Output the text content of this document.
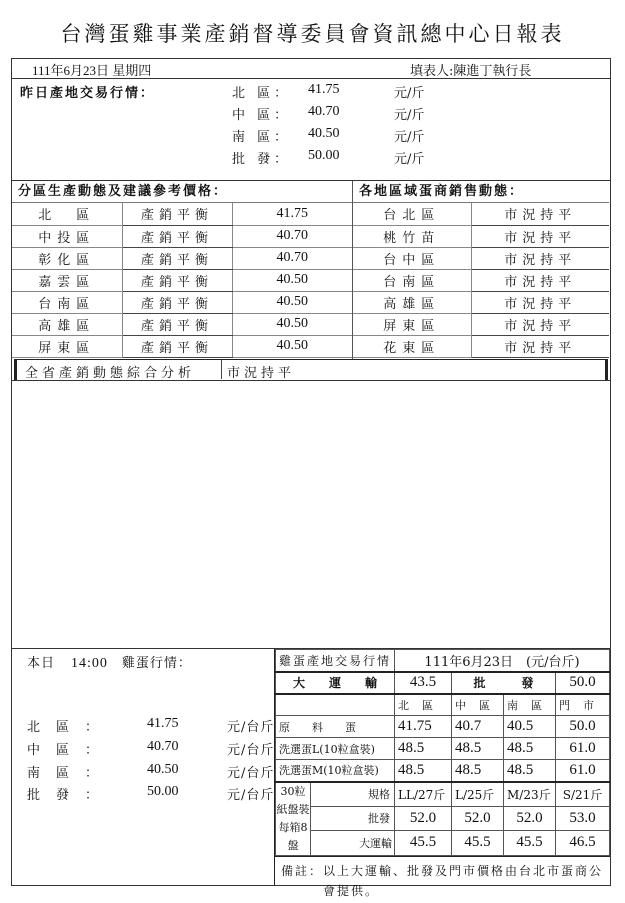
台灣蛋雞事業產銷督導委員會資訊總中心日報表
111年6月23日 星期四	填表人:陳進丁執行長
昨日產地交易行情：	北 區： 41.75	元/斤
中 區： 40.70	元/斤
南 區： 40.50	元/斤
批 發： 50.00	元/斤
分區生產動態及建議參考價格：
北　區	產銷平衡	41.75
中投區	產銷平衡	40.70
彰化區	產銷平衡	40.70
嘉雲區	產銷平衡	40.50
台南區	產銷平衡	40.50
高雄區	產銷平衡	40.50
屏東區	產銷平衡	40.50
各地區域蛋商銷售動態：
台北區	市況持平
桃竹苗	市況持平
台中區	市況持平
台南區	市況持平
高雄區	市況持平
屏東區	市況持平
花東區	市況持平
全省產銷動態綜合分析	市況持平
本日 14:00 雞蛋行情：
北區： 41.75	元/台斤
中區： 40.70	元/台斤
南區： 40.50	元/台斤
批發： 50.00	元/台斤
雞蛋產地交易行情		111年6月23日　(元/台斤)			
大　　運　　輸		43.5	批　　　發		50.0
		北　區	中　區	南　區	門　市
原　　料　　蛋		41.75	40.7	40.5	50.0
洗選蛋L(10粒盒裝)		48.5	48.5	48.5	61.0
洗選蛋M(10粒盒裝)		48.5	48.5	48.5	61.0
30粒紙盤裝
每箱8盤	規格	LL/27斤	L/25斤	M/23斤	S/21斤
	批發	52.0	52.0	52.0	53.0
	大運輸	45.5	45.5	45.5	46.5
備註：以上大運輸、批發及門市價格由台北市蛋商公
會提供。
